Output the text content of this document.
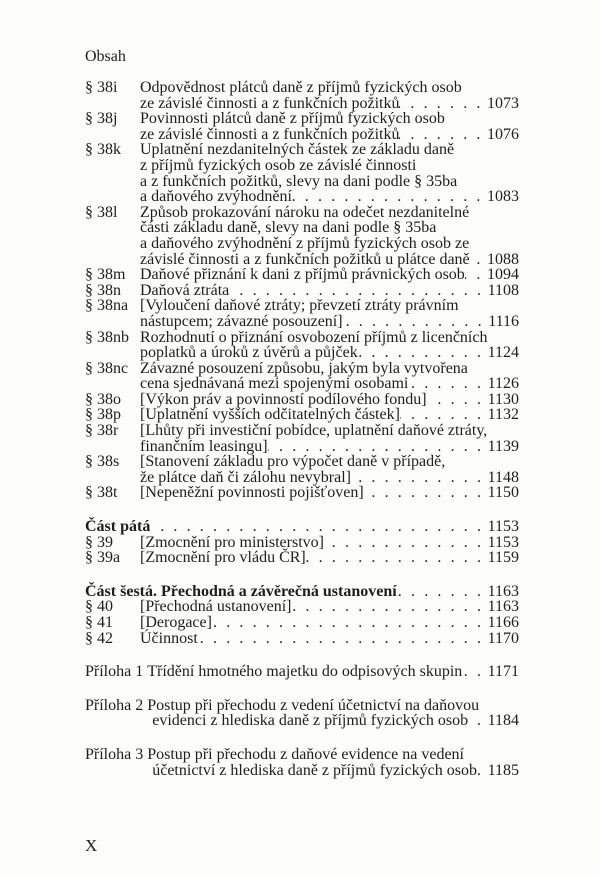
Obsah
§ 38i	Odpovědnost plátců daně z příjmů fyzických osob
ze závislé činnosti a z funkčních požitků . . .	1073
§ 38j	Povinnosti plátců daně z příjmů fyzických osob
ze závislé činnosti a z funkčních požitků . . .	1076
§ 38k	Uplatnění nezdanitelných částek ze základu daně
z příjmů fyzických osob ze závislé činnosti
a z funkčních požitků, slevy na dani podle § 35ba
a daňového zvýhodnění . . .	1083
§ 38l	Způsob prokazování nároku na odečet nezdanitelné
části základu daně, slevy na dani podle § 35ba
a daňového zvýhodnění z příjmů fyzických osob ze
závislé činnosti a z funkčních požitků u plátce daně . . . 1088
§ 38m Daňové přiznání k dani z příjmů právnických osob . . . 1094
§ 38n	Daňová ztráta . . .	1108
§ 38na [Vyloučení daňové ztráty; převzetí ztráty právním
nástupcem; závazné posouzení] . . .	1116
§ 38nb Rozhodnutí o přiznání osvobození příjmů z licenčních
poplatků a úroků z úvěrů a půjček . . .	1124
§ 38nc Závazné posouzení způsobu, jakým byla vytvořena
cena sjednávaná mezi spojenými osobami . . .	1126
§ 38o	[Výkon práv a povinností podílového fondu] . . .	1130
§ 38p	[Uplatnění vyšších odčitatelných částek] . . .	1132
§ 38r	[Lhůty při investiční pobídce, uplatnění daňové ztráty,
finančním leasingu] . . .	1139
§ 38s	[Stanovení základu pro výpočet daně v případě,
že plátce daň či zálohu nevybral] . . .	1148
§ 38t	[Nepeněžní povinnosti pojišťoven] . . .	1150
Část pátá . . .	1153
§ 39	[Zmocnění pro ministerstvo] . . .	1153
§ 39a	[Zmocnění pro vládu ČR] . . .	1159
Část šestá. Přechodná a závěrečná ustanovení . . .	1163
§ 40	[Přechodná ustanovení] . . .	1163
§ 41	[Derogace] . . .	1166
§ 42	Účinnost . . .	1170
Příloha 1 Třídění hmotného majetku do odpisových skupin . . . 1171
Příloha 2 Postup při přechodu z vedení účetnictví na daňovou
evidenci z hlediska daně z příjmů fyzických osob . . . 1184
Příloha 3 Postup při přechodu z daňové evidence na vedení
účetnictví z hlediska daně z příjmů fyzických osob . . . 1185
X
